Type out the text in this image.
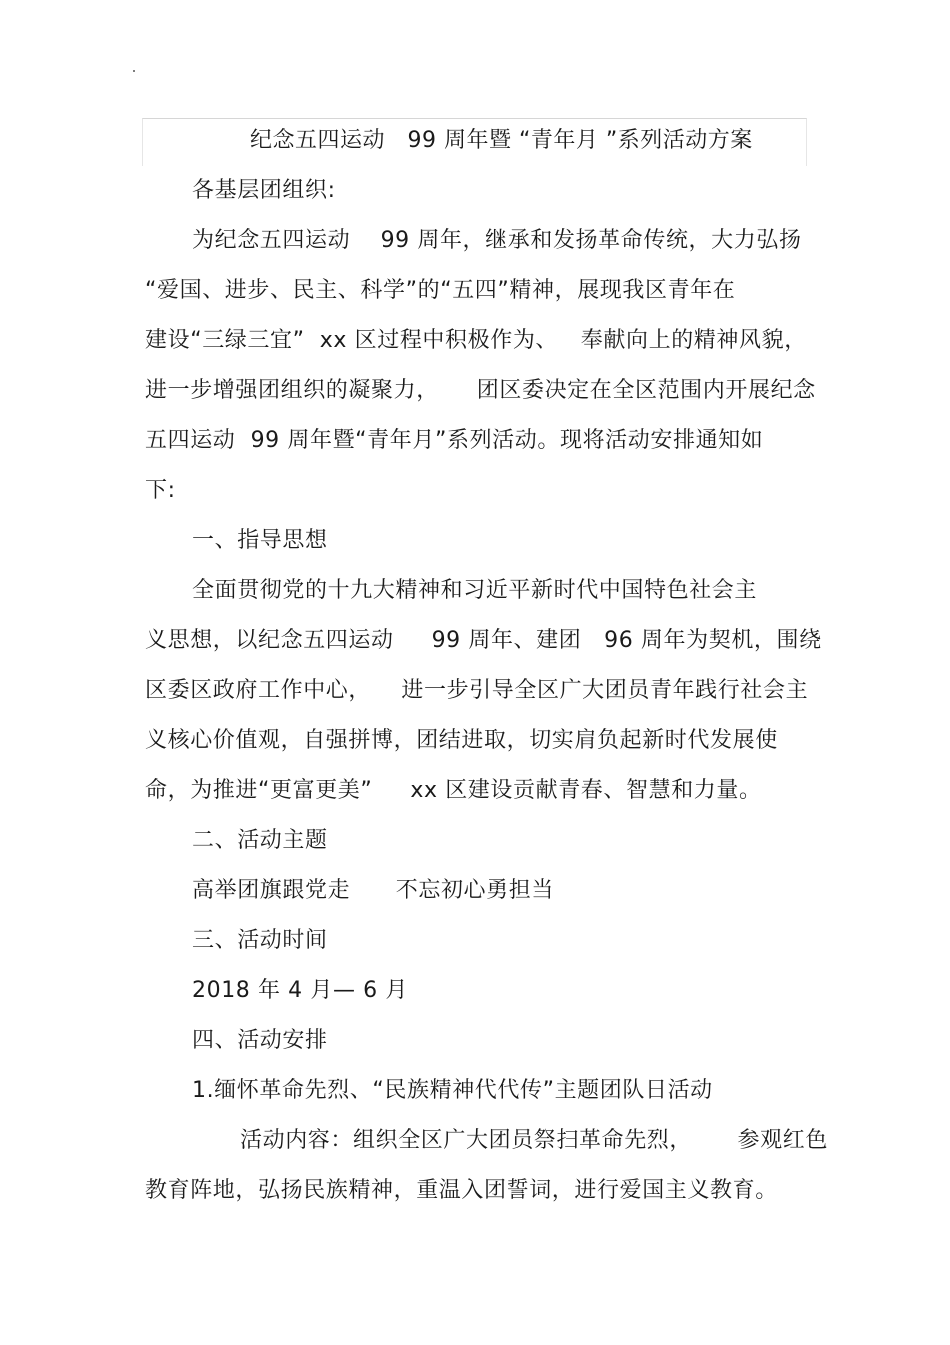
纪念五四运动   99 周年暨 “青年月 ”系列活动方案
各基层团组织:
为纪念五四运动    99 周年，继承和发扬革命传统，大力弘扬
“爱国、进步、民主、科学”的“五四”精神，展现我区青年在
建设“三绿三宜”  xx 区过程中积极作为、   奉献向上的精神风貌，
进一步增强团组织的凝聚力，     团区委决定在全区范围内开展纪念
五四运动  99 周年暨“青年月”系列活动。现将活动安排通知如
下:
一、指导思想
全面贯彻党的十九大精神和习近平新时代中国特色社会主
义思想，以纪念五四运动     99 周年、建团   96 周年为契机，围绕
区委区政府工作中心，    进一步引导全区广大团员青年践行社会主
义核心价值观，自强拼博，团结进取，切实肩负起新时代发展使
命，为推进“更富更美”     xx 区建设贡献青春、智慧和力量。
二、活动主题
高举团旗跟党走      不忘初心勇担当
三、活动时间
2018 年 4 月— 6 月
四、活动安排
1.缅怀革命先烈、“民族精神代代传”主题团队日活动
活动内容：组织全区广大团员祭扫革命先烈，      参观红色
教育阵地，弘扬民族精神，重温入团誓词，进行爱国主义教育。
